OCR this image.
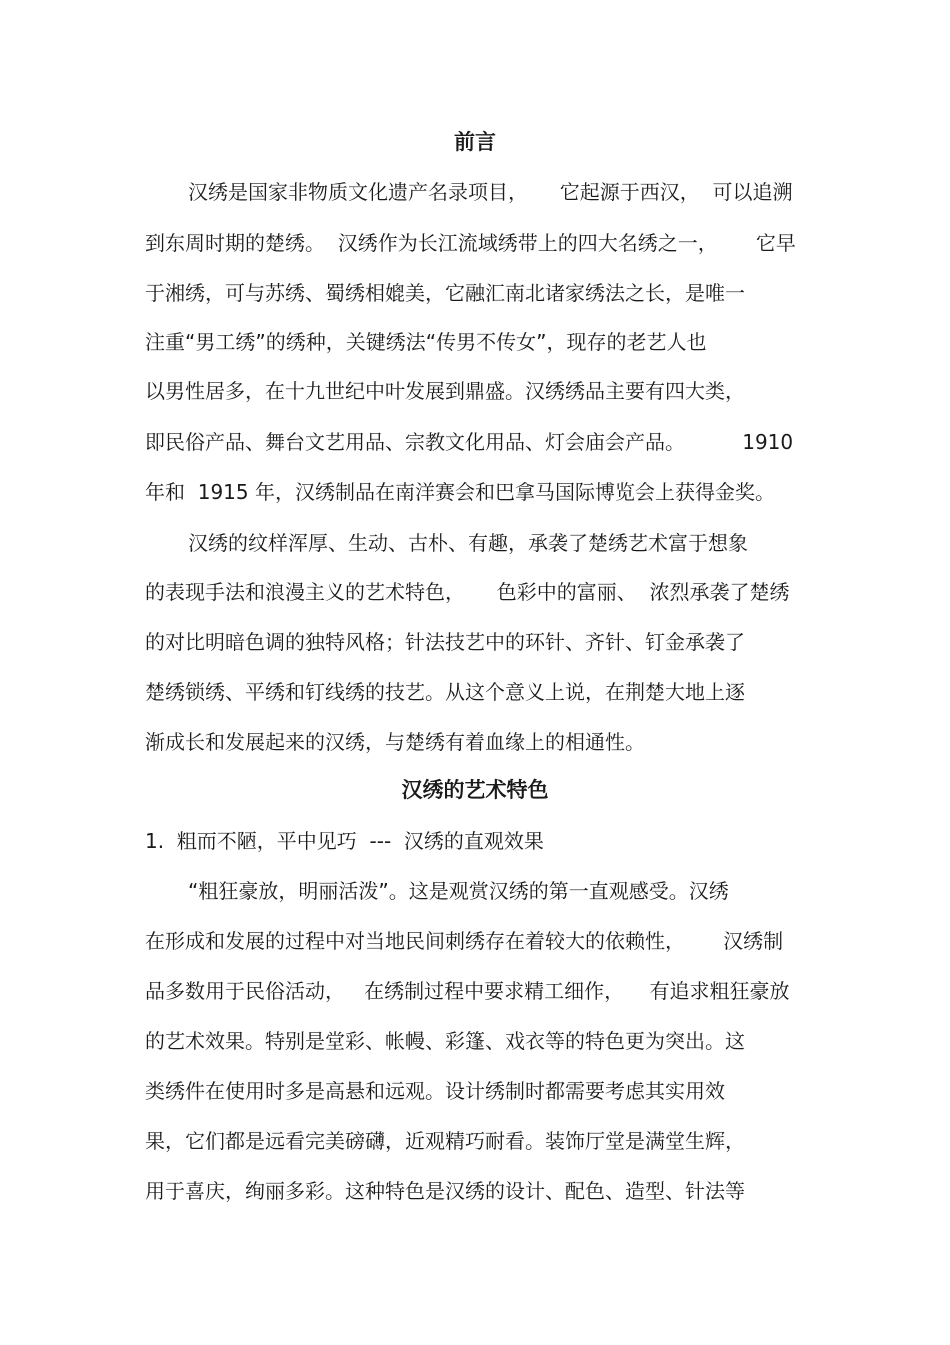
前言

汉绣是国家非物质文化遗产名录项目，     它起源于西汉，  可以追溯

到东周时期的楚绣。  汉绣作为长江流域绣带上的四大名绣之一，      它早

于湘绣，可与苏绣、蜀绣相媲美，它融汇南北诸家绣法之长，是唯一

注重“男工绣”的绣种，关键绣法“传男不传女”，现存的老艺人也

以男性居多，在十九世纪中叶发展到鼎盛。汉绣绣品主要有四大类，

即民俗产品、舞台文艺用品、宗教文化用品、灯会庙会产品。         1910

年和  1915 年，汉绣制品在南洋赛会和巴拿马国际博览会上获得金奖。

汉绣的纹样浑厚、生动、古朴、有趣，承袭了楚绣艺术富于想象

的表现手法和浪漫主义的艺术特色，     色彩中的富丽、  浓烈承袭了楚绣

的对比明暗色调的独特风格；针法技艺中的环针、齐针、钉金承袭了

楚绣锁绣、平绣和钉线绣的技艺。从这个意义上说，在荆楚大地上逐

渐成长和发展起来的汉绣，与楚绣有着血缘上的相通性。

汉绣的艺术特色

1.  粗而不陋，平中见巧  ---  汉绣的直观效果

“粗狂豪放，明丽活泼”。这是观赏汉绣的第一直观感受。汉绣

在形成和发展的过程中对当地民间刺绣存在着较大的依赖性，      汉绣制

品多数用于民俗活动，   在绣制过程中要求精工细作，    有追求粗狂豪放

的艺术效果。特别是堂彩、帐幔、彩篷、戏衣等的特色更为突出。这

类绣件在使用时多是高悬和远观。设计绣制时都需要考虑其实用效

果，它们都是远看完美磅礴，近观精巧耐看。装饰厅堂是满堂生辉，

用于喜庆，绚丽多彩。这种特色是汉绣的设计、配色、造型、针法等
